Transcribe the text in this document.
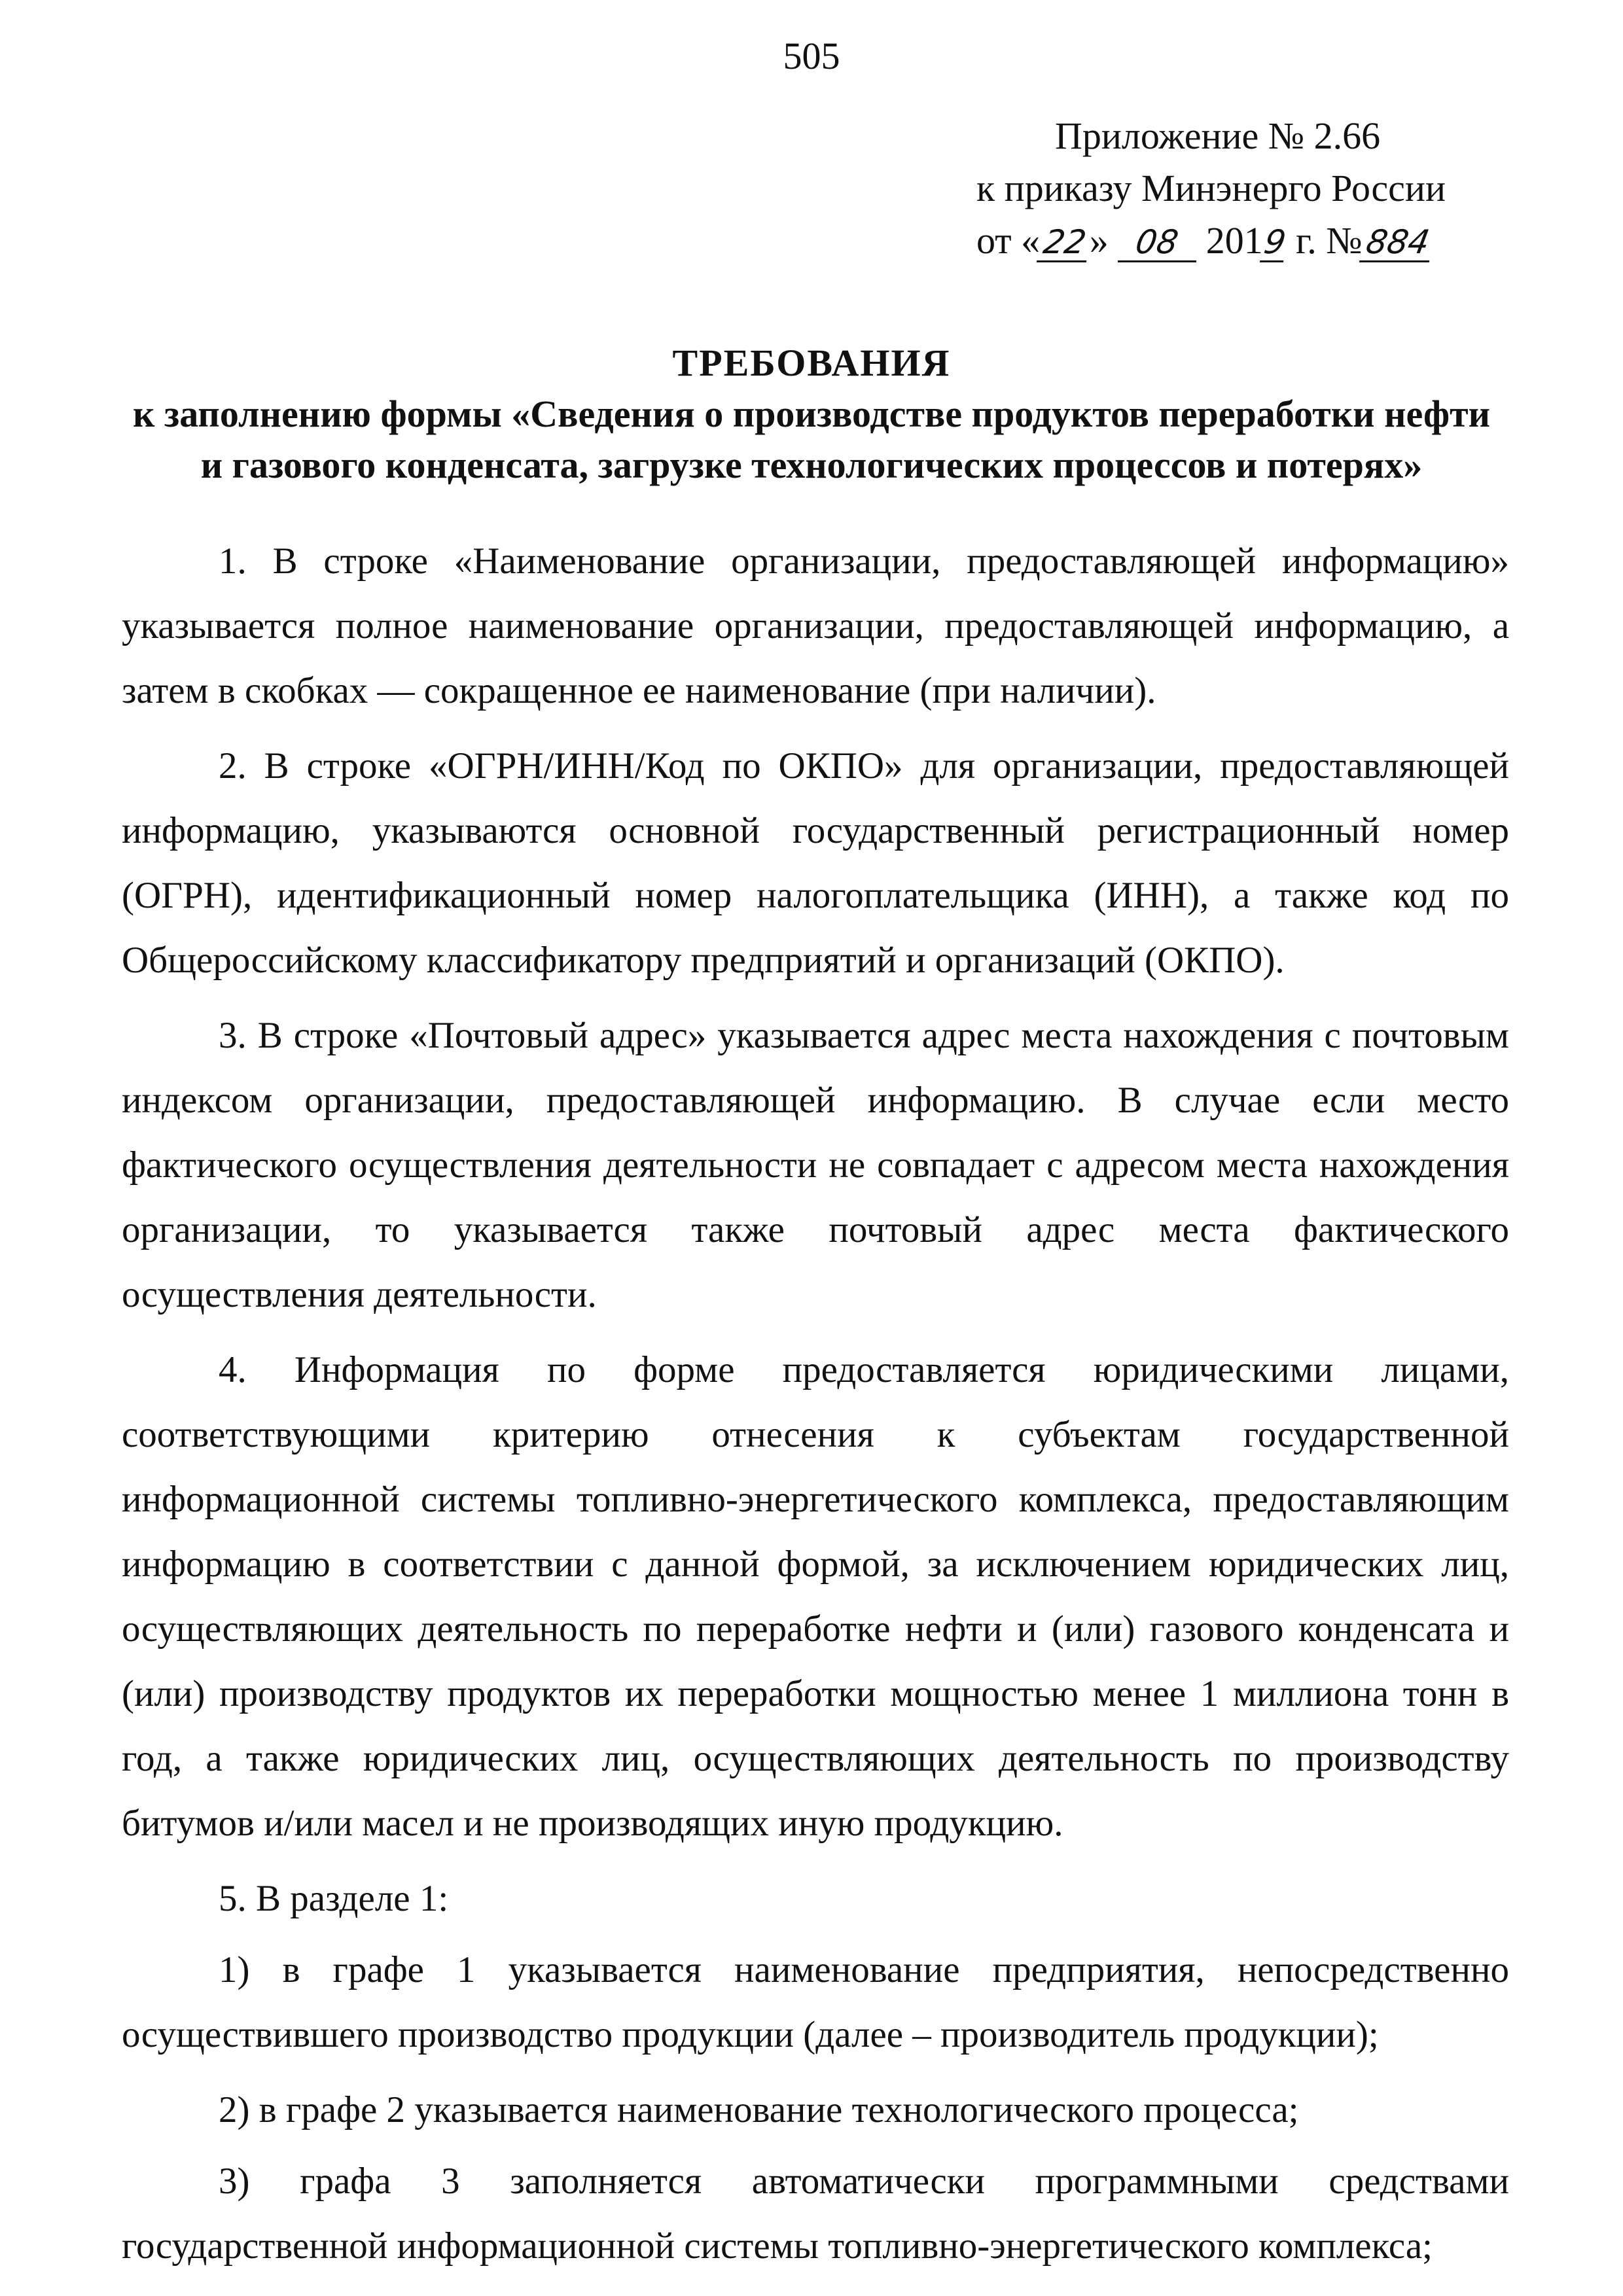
505
Приложение № 2.66
к приказу Минэнерго России
от «22» 08 2019 г. №884
ТРЕБОВАНИЯ
к заполнению формы «Сведения о производстве продуктов переработки нефти
и газового конденсата, загрузке технологических процессов и потерях»

1. В строке «Наименование организации, предоставляющей информацию» указывается полное наименование организации, предоставляющей информацию, а затем в скобках — сокращенное ее наименование (при наличии).

2. В строке «ОГРН/ИНН/Код по ОКПО» для организации, предоставляющей информацию, указываются основной государственный регистрационный номер (ОГРН), идентификационный номер налогоплательщика (ИНН), а также код по Общероссийскому классификатору предприятий и организаций (ОКПО).

3. В строке «Почтовый адрес» указывается адрес места нахождения с почтовым индексом организации, предоставляющей информацию. В случае если место фактического осуществления деятельности не совпадает с адресом места нахождения организации, то указывается также почтовый адрес места фактического осуществления деятельности.

4. Информация по форме предоставляется юридическими лицами, соответствующими критерию отнесения к субъектам государственной информационной системы топливно-энергетического комплекса, предоставляющим информацию в соответствии с данной формой, за исключением юридических лиц, осуществляющих деятельность по переработке нефти и (или) газового конденсата и (или) производству продуктов их переработки мощностью менее 1 миллиона тонн в год, а также юридических лиц, осуществляющих деятельность по производству битумов и/или масел и не производящих иную продукцию.

5. В разделе 1:

1) в графе 1 указывается наименование предприятия, непосредственно осуществившего производство продукции (далее – производитель продукции);

2) в графе 2 указывается наименование технологического процесса;

3) графа 3 заполняется автоматически программными средствами государственной информационной системы топливно-энергетического комплекса;
